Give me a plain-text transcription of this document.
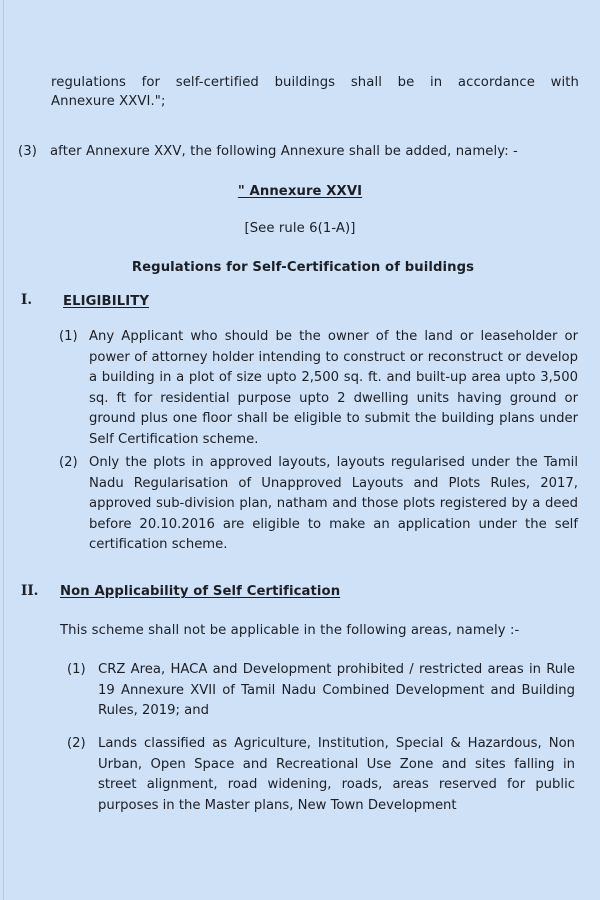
regulations for self-certified buildings shall be in accordance with
Annexure XXVI.";
(3) after Annexure XXV, the following Annexure shall be added, namely: -
" Annexure XXVI
[See rule 6(1-A)]
Regulations for Self-Certification of buildings
I. ELIGIBILITY
(1) Any Applicant who should be the owner of the land or leaseholder or power of attorney holder intending to construct or reconstruct or develop a building in a plot of size upto 2,500 sq. ft. and built-up area upto 3,500 sq. ft for residential purpose upto 2 dwelling units having ground or ground plus one floor shall be eligible to submit the building plans under Self Certification scheme.
(2) Only the plots in approved layouts, layouts regularised under the Tamil Nadu Regularisation of Unapproved Layouts and Plots Rules, 2017, approved sub-division plan, natham and those plots registered by a deed before 20.10.2016 are eligible to make an application under the self certification scheme.
II. Non Applicability of Self Certification
This scheme shall not be applicable in the following areas, namely :-
(1) CRZ Area, HACA and Development prohibited / restricted areas in Rule 19 Annexure XVII of Tamil Nadu Combined Development and Building Rules, 2019; and
(2) Lands classified as Agriculture, Institution, Special & Hazardous, Non Urban, Open Space and Recreational Use Zone and sites falling in street alignment, road widening, roads, areas reserved for public purposes in the Master plans, New Town Development
